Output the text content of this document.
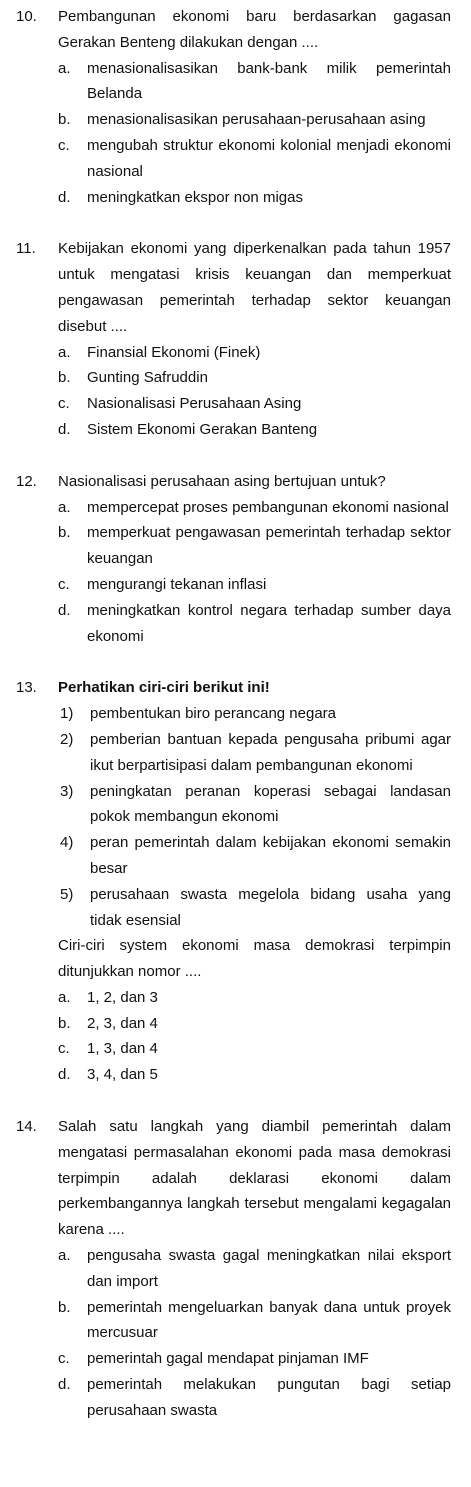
10.	Pembangunan ekonomi baru berdasarkan gagasan Gerakan Benteng dilakukan dengan ....
a. menasionalisasikan bank-bank milik pemerintah Belanda
b. menasionalisasikan perusahaan-perusahaan asing
c. mengubah struktur ekonomi kolonial menjadi ekonomi nasional
d. meningkatkan ekspor non migas
11.	Kebijakan ekonomi yang diperkenalkan pada tahun 1957 untuk mengatasi krisis keuangan dan memperkuat pengawasan pemerintah terhadap sektor keuangan disebut ....
a. Finansial Ekonomi (Finek)
b. Gunting Safruddin
c. Nasionalisasi Perusahaan Asing
d. Sistem Ekonomi Gerakan Banteng
12.	Nasionalisasi perusahaan asing bertujuan untuk?
a. mempercepat proses pembangunan ekonomi nasional
b. memperkuat pengawasan pemerintah terhadap sektor keuangan
c. mengurangi tekanan inflasi
d. meningkatkan kontrol negara terhadap sumber daya ekonomi
13.	Perhatikan ciri-ciri berikut ini!
1) pembentukan biro perancang negara
2) pemberian bantuan kepada pengusaha pribumi agar ikut berpartisipasi dalam pembangunan ekonomi
3) peningkatan peranan koperasi sebagai landasan pokok membangun ekonomi
4) peran pemerintah dalam kebijakan ekonomi semakin besar
5) perusahaan swasta megelola bidang usaha yang tidak esensial
Ciri-ciri system ekonomi masa demokrasi terpimpin ditunjukkan nomor ....
a. 1, 2, dan 3
b. 2, 3, dan 4
c. 1, 3, dan 4
d. 3, 4, dan 5
14.	Salah satu langkah yang diambil pemerintah dalam mengatasi permasalahan ekonomi pada masa demokrasi terpimpin adalah deklarasi ekonomi dalam perkembangannya langkah tersebut mengalami kegagalan karena ....
a. pengusaha swasta gagal meningkatkan nilai eksport dan import
b. pemerintah mengeluarkan banyak dana untuk proyek mercusuar
c. pemerintah gagal mendapat pinjaman IMF
d. pemerintah melakukan pungutan bagi setiap perusahaan swasta
